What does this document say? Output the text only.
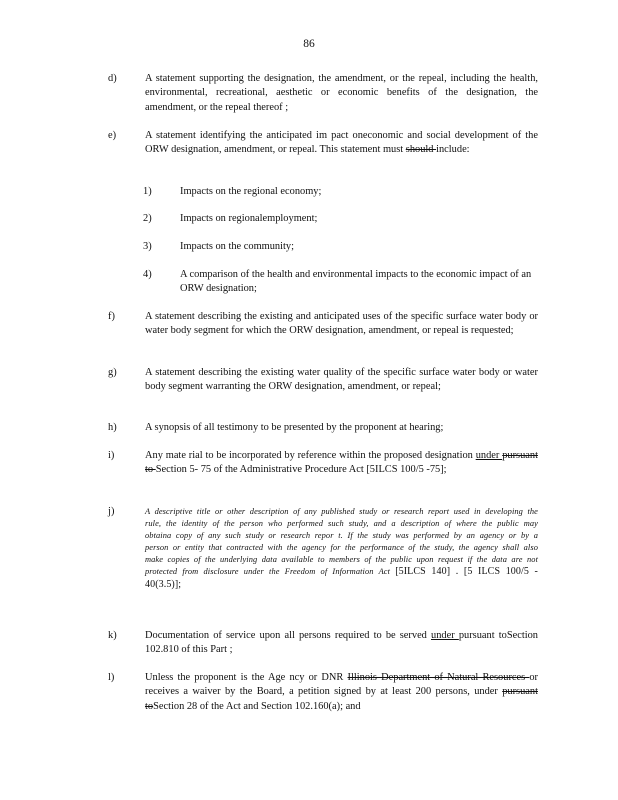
86
d)	A statement supporting the designation, the amendment, or the repeal, including the health, environmental, recreational, aesthetic or economic benefits of the designation, the amendment, or the repeal thereof ;
e)	A statement identifying the anticipated im pact oneconomic and social development of the ORW designation, amendment, or repeal. This statement must should include:
1)	Impacts on the regional economy;
2)	Impacts on regionalemployment;
3)	Impacts on the community;
4)	A comparison of the health and environmental impacts to the economic impact of an ORW designation;
f)	A statement describing the existing and anticipated uses of the specific surface water body or water body segment for which the ORW designation, amendment, or repeal is requested;
g)	A statement describing the existing water quality of the specific surface water body or water body segment warranting the ORW designation, amendment, or repeal;
h)	A synopsis of all testimony to be presented by the proponent at hearing;
i)	Any mate rial to be incorporated by reference within the proposed designation under pursuant to Section 5- 75 of the Administrative Procedure Act [5ILCS 100/5 -75];
j)	A descriptive title or other description of any published study or research report used in developing the rule, the identity of the person who performed such study, and a description of where the public may obtaina copy of any such study or research repor t. If the study was performed by an agency or by a person or entity that contracted with the agency for the performance of the study, the agency shall also make copies of the underlying data available to members of the public upon request if the data are not protected from disclosure under the Freedom of Information Act [5ILCS 140] . [5 ILCS 100/5 - 40(3.5)];
k)	Documentation of service upon all persons required to be served under pursuant toSection 102.810 of this Part ;
l)	Unless the proponent is the Age ncy or DNR Illinois Department of Natural Resources or receives a waiver by the Board, a petition signed by at least 200 persons, under pursuant toSection 28 of the Act and Section 102.160(a); and
